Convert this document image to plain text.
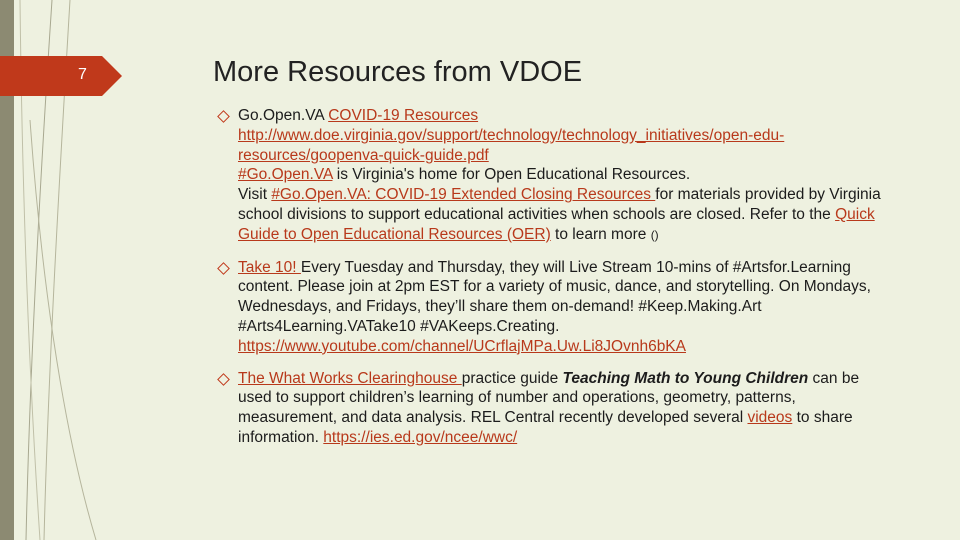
7	More Resources from VDOE
Go.Open.VA COVID-19 Resources
http://www.doe.virginia.gov/support/technology/technology_initiatives/open-edu-resources/goopenva-quick-guide.pdf
#Go.Open.VA is Virginia's home for Open Educational Resources.
Visit #Go.Open.VA: COVID-19 Extended Closing Resources for materials provided by Virginia school divisions to support educational activities when schools are closed. Refer to the Quick Guide to Open Educational Resources (OER) to learn more ()
Take 10! Every Tuesday and Thursday, they will Live Stream 10-mins of #Artsfor.Learning content. Please join at 2pm EST for a variety of music, dance, and storytelling. On Mondays, Wednesdays, and Fridays, they’ll share them on-demand! #Keep.Making.Art #Arts4Learning.VATake10 #VAKeeps.Creating. https://www.youtube.com/channel/UCrflajMPa.Uw.Li8JOvnh6bKA
The What Works Clearinghouse practice guide Teaching Math to Young Children can be used to support children’s learning of number and operations, geometry, patterns, measurement, and data analysis. REL Central recently developed several videos to share information. https://ies.ed.gov/ncee/wwc/
